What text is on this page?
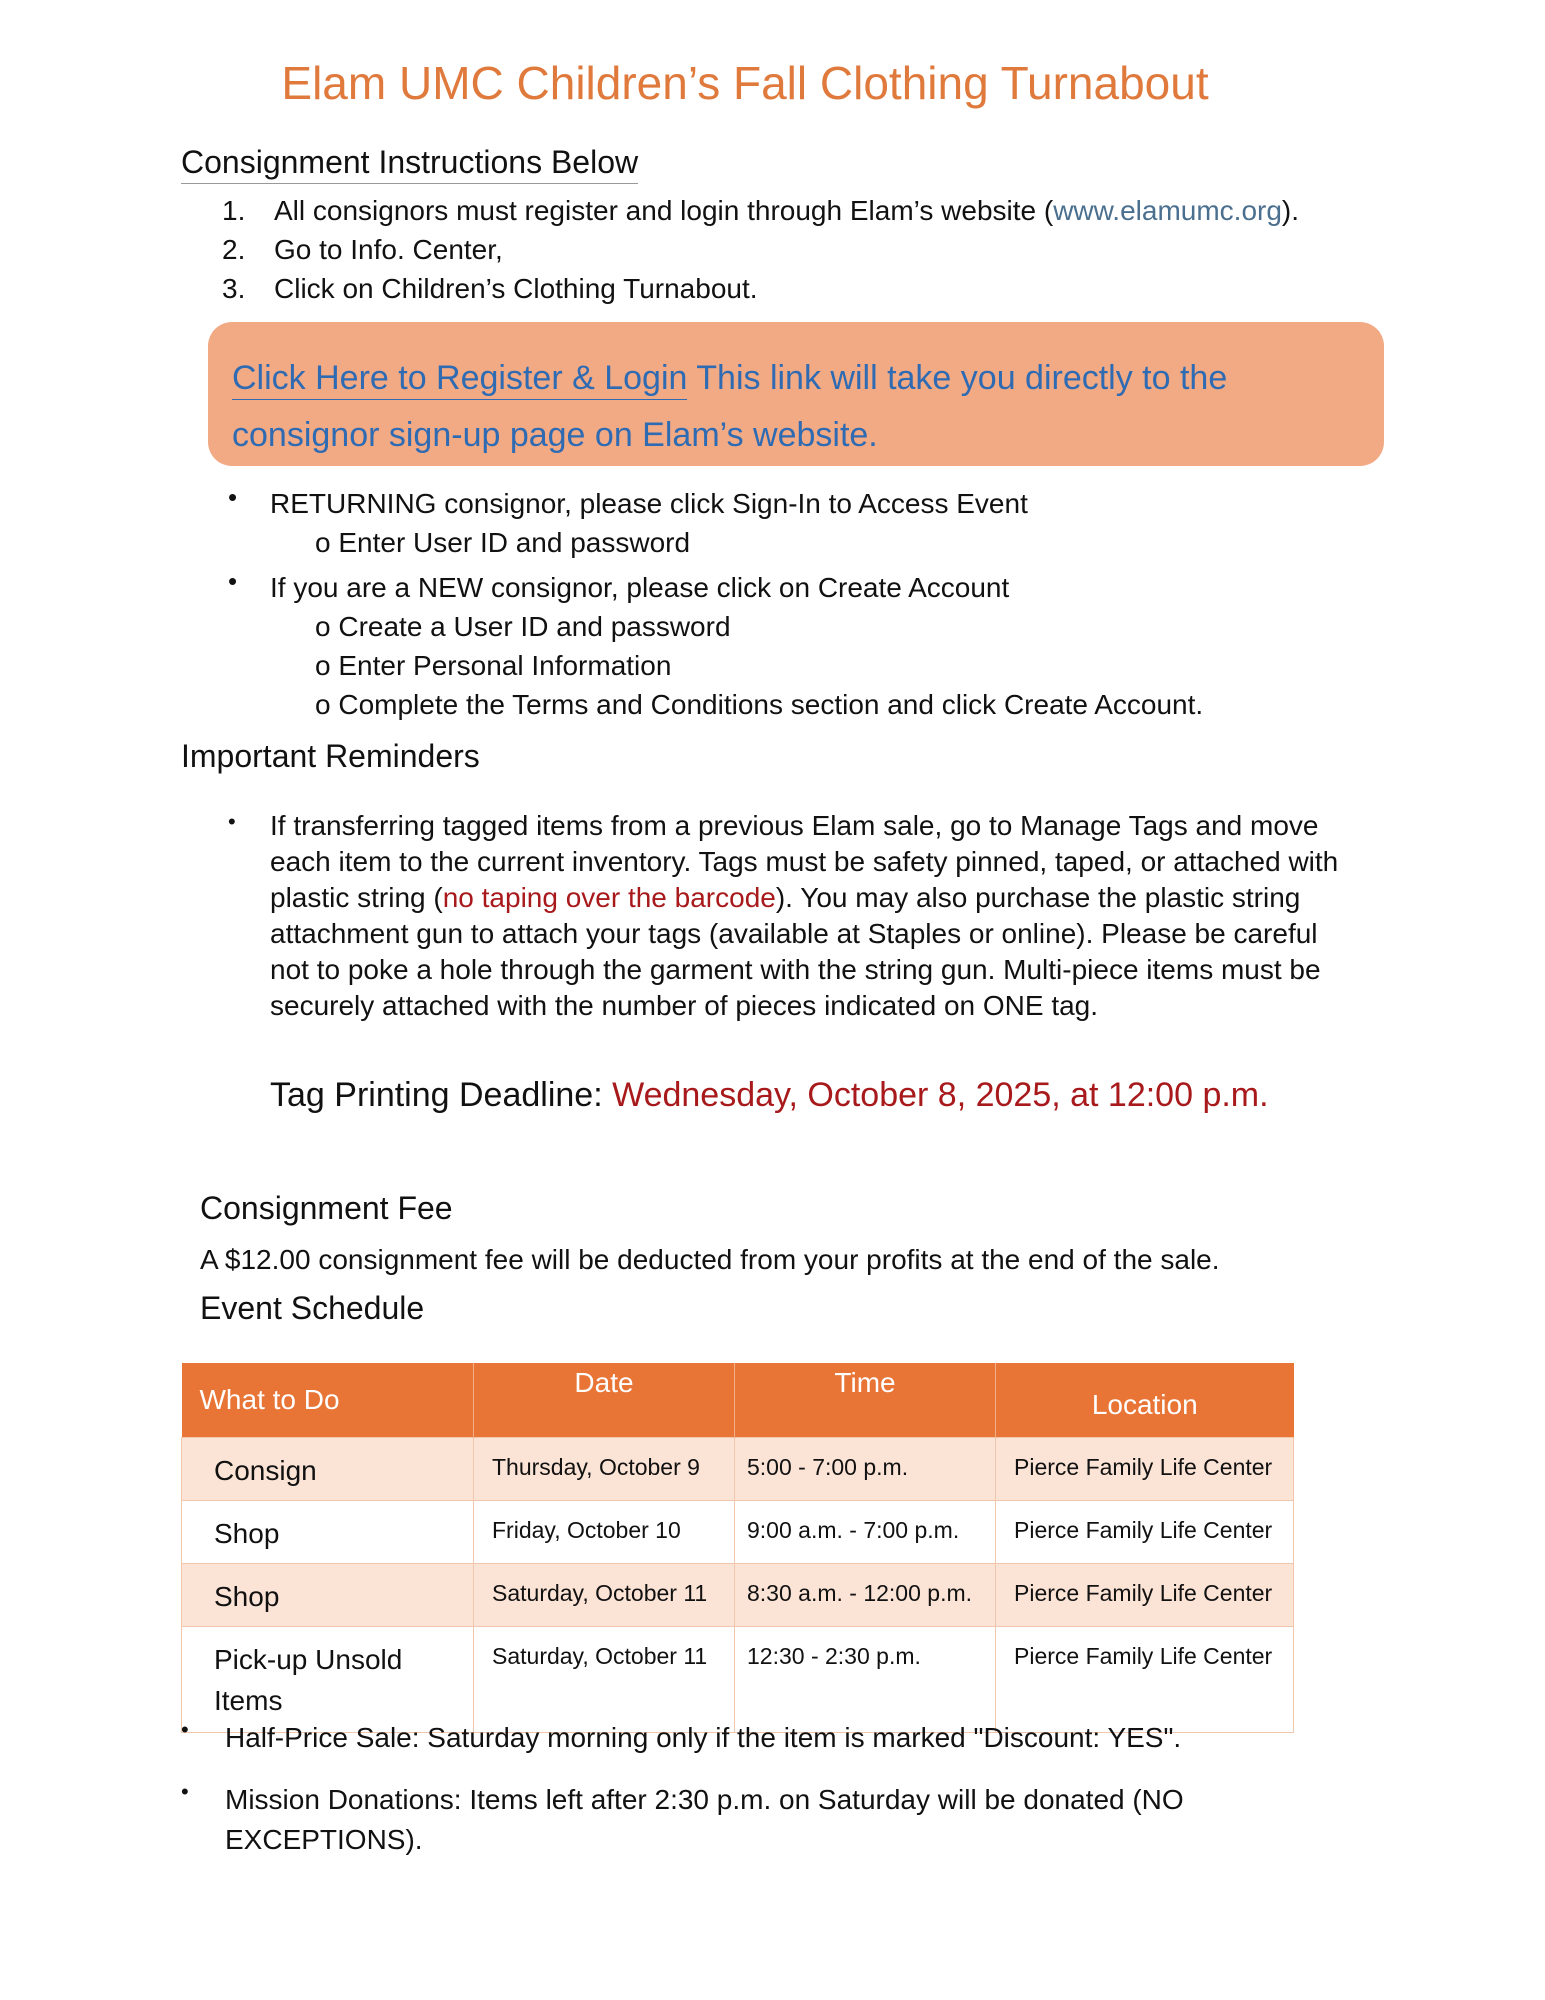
Elam UMC Children’s Fall Clothing Turnabout
Consignment Instructions Below
1.	All consignors must register and login through Elam’s website (www.elamumc.org).
2.	Go to Info. Center,
3.	Click on Children’s Clothing Turnabout.
Click Here to Register & Login This link will take you directly to the consignor sign-up page on Elam’s website.
• RETURNING consignor, please click Sign-In to Access Event
o Enter User ID and password
• If you are a NEW consignor, please click on Create Account
o Create a User ID and password
o Enter Personal Information
o Complete the Terms and Conditions section and click Create Account.
Important Reminders
•	If transferring tagged items from a previous Elam sale, go to Manage Tags and move each item to the current inventory. Tags must be safety pinned, taped, or attached with plastic string (no taping over the barcode). You may also purchase the plastic string attachment gun to attach your tags (available at Staples or online). Please be careful not to poke a hole through the garment with the string gun. Multi-piece items must be securely attached with the number of pieces indicated on ONE tag.
Tag Printing Deadline: Wednesday, October 8, 2025, at 12:00 p.m.
Consignment Fee
A $12.00 consignment fee will be deducted from your profits at the end of the sale.
Event Schedule
What to Do	Date	Time	Location
Consign	Thursday, October 9	5:00 - 7:00 p.m.	Pierce Family Life Center
Shop	Friday, October 10	9:00 a.m. - 7:00 p.m.	Pierce Family Life Center
Shop	Saturday, October 11	8:30 a.m. - 12:00 p.m.	Pierce Family Life Center
Pick-up Unsold Items	Saturday, October 11	12:30 - 2:30 p.m.	Pierce Family Life Center
• Half-Price Sale: Saturday morning only if the item is marked "Discount: YES".
• Mission Donations: Items left after 2:30 p.m. on Saturday will be donated (NO EXCEPTIONS).
